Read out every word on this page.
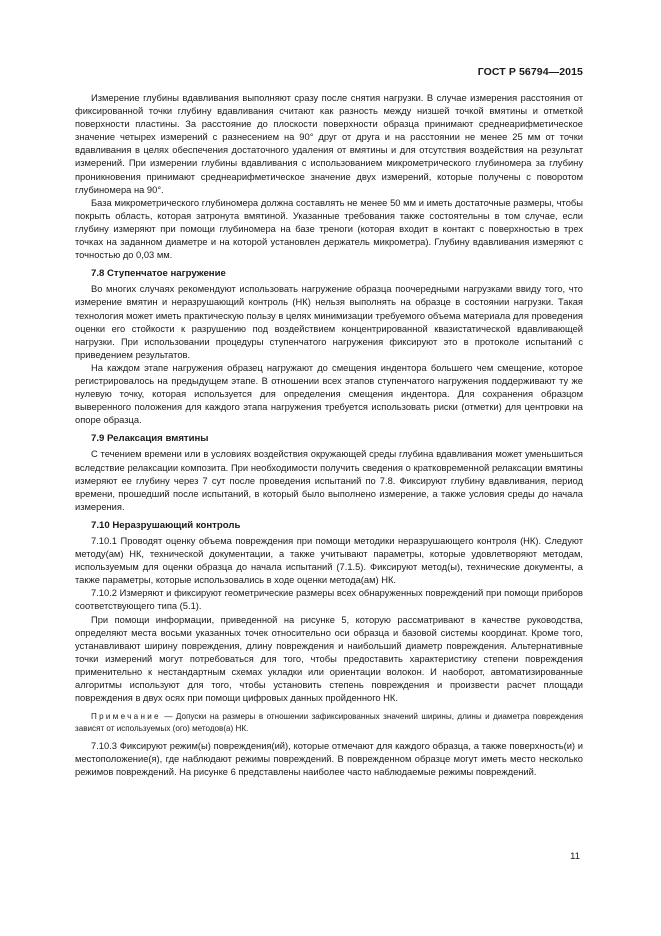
ГОСТ Р 56794—2015

Измерение глубины вдавливания выполняют сразу после снятия нагрузки. В случае измерения расстояния от фиксированной точки глубину вдавливания считают как разность между низшей точкой вмятины и отметкой поверхности пластины. За расстояние до плоскости поверхности образца принимают среднеарифметическое значение четырех измерений с разнесением на 90° друг от друга и на расстоянии не менее 25 мм от точки вдавливания в целях обеспечения достаточного удаления от вмятины и для отсутствия воздействия на результат измерений. При измерении глубины вдавливания с использованием микрометрического глубиномера за глубину проникновения принимают среднеарифметическое значение двух измерений, которые получены с поворотом глубиномера на 90°.

База микрометрического глубиномера должна составлять не менее 50 мм и иметь достаточные размеры, чтобы покрыть область, которая затронута вмятиной. Указанные требования также состоятельны в том случае, если глубину измеряют при помощи глубиномера на базе треноги (которая входит в контакт с поверхностью в трех точках на заданном диаметре и на которой установлен держатель микрометра). Глубину вдавливания измеряют с точностью до 0,03 мм.

7.8 Ступенчатое нагружение

Во многих случаях рекомендуют использовать нагружение образца поочередными нагрузками ввиду того, что измерение вмятин и неразрушающий контроль (НК) нельзя выполнять на образце в состоянии нагрузки. Такая технология может иметь практическую пользу в целях минимизации требуемого объема материала для проведения оценки его стойкости к разрушению под воздействием концентрированной квазистатической вдавливающей нагрузки. При использовании процедуры ступенчатого нагружения фиксируют это в протоколе испытаний с приведением результатов.

На каждом этапе нагружения образец нагружают до смещения индентора большего чем смещение, которое регистрировалось на предыдущем этапе. В отношении всех этапов ступенчатого нагружения поддерживают ту же нулевую точку, которая используется для определения смещения индентора. Для сохранения образцом выверенного положения для каждого этапа нагружения требуется использовать риски (отметки) для центровки на опоре образца.

7.9 Релаксация вмятины

С течением времени или в условиях воздействия окружающей среды глубина вдавливания может уменьшиться вследствие релаксации композита. При необходимости получить сведения о кратковременной релаксации вмятины измеряют ее глубину через 7 сут после проведения испытаний по 7.8. Фиксируют глубину вдавливания, период времени, прошедший после испытаний, в который было выполнено измерение, а также условия среды до начала измерения.

7.10 Неразрушающий контроль

7.10.1 Проводят оценку объема повреждения при помощи методики неразрушающего контроля (НК). Следуют методу(ам) НК, технической документации, а также учитывают параметры, которые удовлетворяют методам, используемым для оценки образца до начала испытаний (7.1.5). Фиксируют метод(ы), технические документы, а также параметры, которые использовались в ходе оценки метода(ам) НК.

7.10.2 Измеряют и фиксируют геометрические размеры всех обнаруженных повреждений при помощи приборов соответствующего типа (5.1).

При помощи информации, приведенной на рисунке 5, которую рассматривают в качестве руководства, определяют места восьми указанных точек относительно оси образца и базовой системы координат. Кроме того, устанавливают ширину повреждения, длину повреждения и наибольший диаметр повреждения. Альтернативные точки измерений могут потребоваться для того, чтобы предоставить характеристику степени повреждения применительно к нестандартным схемах укладки или ориентации волокон. И наоборот, автоматизированные алгоритмы используют для того, чтобы установить степень повреждения и произвести расчет площади повреждения в двух осях при помощи цифровых данных пройденного НК.

Примечание — Допуски на размеры в отношении зафиксированных значений ширины, длины и диаметра повреждения зависят от используемых (ого) методов(а) НК.

7.10.3 Фиксируют режим(ы) повреждения(ий), которые отмечают для каждого образца, а также поверхность(и) и местоположение(я), где наблюдают режимы повреждений. В поврежденном образце могут иметь место несколько режимов повреждений. На рисунке 6 представлены наиболее часто наблюдаемые режимы повреждений.

11
